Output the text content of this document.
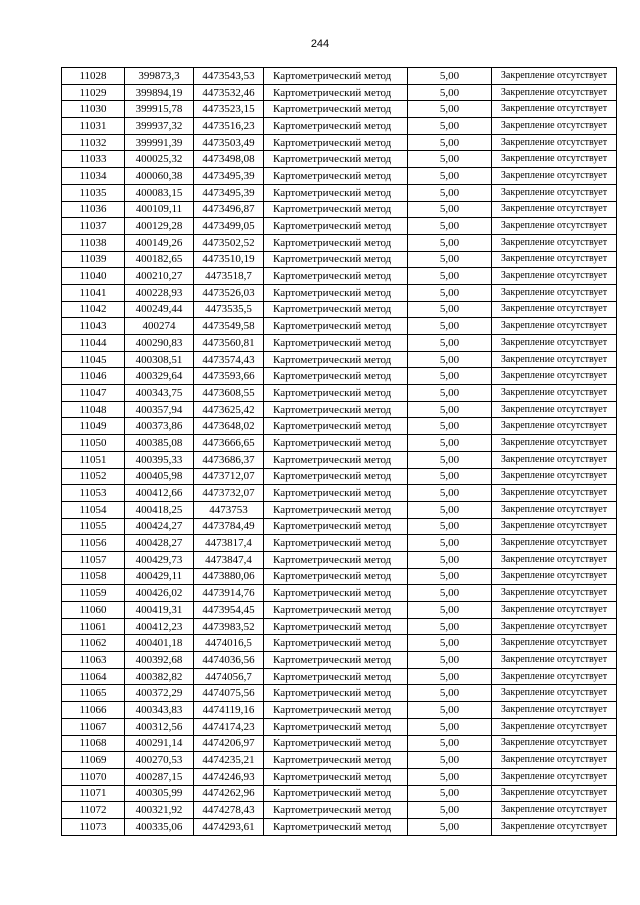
244
11028	399873,3	4473543,53	Картометрический метод	5,00	Закрепление отсутствует
11029	399894,19	4473532,46	Картометрический метод	5,00	Закрепление отсутствует
11030	399915,78	4473523,15	Картометрический метод	5,00	Закрепление отсутствует
11031	399937,32	4473516,23	Картометрический метод	5,00	Закрепление отсутствует
11032	399991,39	4473503,49	Картометрический метод	5,00	Закрепление отсутствует
11033	400025,32	4473498,08	Картометрический метод	5,00	Закрепление отсутствует
11034	400060,38	4473495,39	Картометрический метод	5,00	Закрепление отсутствует
11035	400083,15	4473495,39	Картометрический метод	5,00	Закрепление отсутствует
11036	400109,11	4473496,87	Картометрический метод	5,00	Закрепление отсутствует
11037	400129,28	4473499,05	Картометрический метод	5,00	Закрепление отсутствует
11038	400149,26	4473502,52	Картометрический метод	5,00	Закрепление отсутствует
11039	400182,65	4473510,19	Картометрический метод	5,00	Закрепление отсутствует
11040	400210,27	4473518,7	Картометрический метод	5,00	Закрепление отсутствует
11041	400228,93	4473526,03	Картометрический метод	5,00	Закрепление отсутствует
11042	400249,44	4473535,5	Картометрический метод	5,00	Закрепление отсутствует
11043	400274	4473549,58	Картометрический метод	5,00	Закрепление отсутствует
11044	400290,83	4473560,81	Картометрический метод	5,00	Закрепление отсутствует
11045	400308,51	4473574,43	Картометрический метод	5,00	Закрепление отсутствует
11046	400329,64	4473593,66	Картометрический метод	5,00	Закрепление отсутствует
11047	400343,75	4473608,55	Картометрический метод	5,00	Закрепление отсутствует
11048	400357,94	4473625,42	Картометрический метод	5,00	Закрепление отсутствует
11049	400373,86	4473648,02	Картометрический метод	5,00	Закрепление отсутствует
11050	400385,08	4473666,65	Картометрический метод	5,00	Закрепление отсутствует
11051	400395,33	4473686,37	Картометрический метод	5,00	Закрепление отсутствует
11052	400405,98	4473712,07	Картометрический метод	5,00	Закрепление отсутствует
11053	400412,66	4473732,07	Картометрический метод	5,00	Закрепление отсутствует
11054	400418,25	4473753	Картометрический метод	5,00	Закрепление отсутствует
11055	400424,27	4473784,49	Картометрический метод	5,00	Закрепление отсутствует
11056	400428,27	4473817,4	Картометрический метод	5,00	Закрепление отсутствует
11057	400429,73	4473847,4	Картометрический метод	5,00	Закрепление отсутствует
11058	400429,11	4473880,06	Картометрический метод	5,00	Закрепление отсутствует
11059	400426,02	4473914,76	Картометрический метод	5,00	Закрепление отсутствует
11060	400419,31	4473954,45	Картометрический метод	5,00	Закрепление отсутствует
11061	400412,23	4473983,52	Картометрический метод	5,00	Закрепление отсутствует
11062	400401,18	4474016,5	Картометрический метод	5,00	Закрепление отсутствует
11063	400392,68	4474036,56	Картометрический метод	5,00	Закрепление отсутствует
11064	400382,82	4474056,7	Картометрический метод	5,00	Закрепление отсутствует
11065	400372,29	4474075,56	Картометрический метод	5,00	Закрепление отсутствует
11066	400343,83	4474119,16	Картометрический метод	5,00	Закрепление отсутствует
11067	400312,56	4474174,23	Картометрический метод	5,00	Закрепление отсутствует
11068	400291,14	4474206,97	Картометрический метод	5,00	Закрепление отсутствует
11069	400270,53	4474235,21	Картометрический метод	5,00	Закрепление отсутствует
11070	400287,15	4474246,93	Картометрический метод	5,00	Закрепление отсутствует
11071	400305,99	4474262,96	Картометрический метод	5,00	Закрепление отсутствует
11072	400321,92	4474278,43	Картометрический метод	5,00	Закрепление отсутствует
11073	400335,06	4474293,61	Картометрический метод	5,00	Закрепление отсутствует
